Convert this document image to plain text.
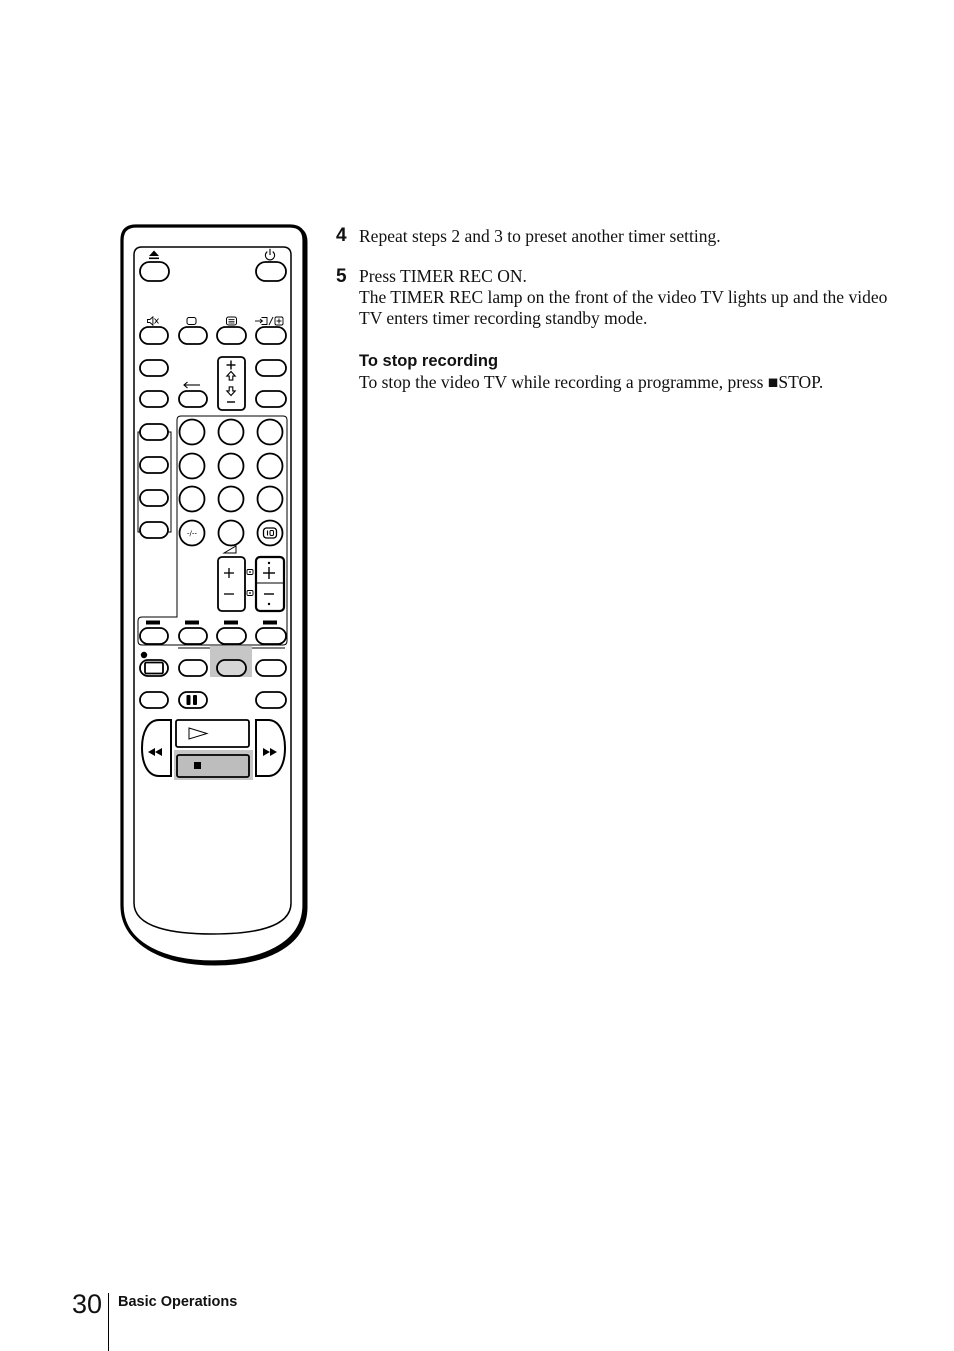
-/--
4 Repeat steps 2 and 3 to preset another timer setting.
5 Press TIMER REC ON.
The TIMER REC lamp on the front of the video TV lights up and the video
TV enters timer recording standby mode.
To stop recording
To stop the video TV while recording a programme, press ■STOP.
30 Basic Operations
